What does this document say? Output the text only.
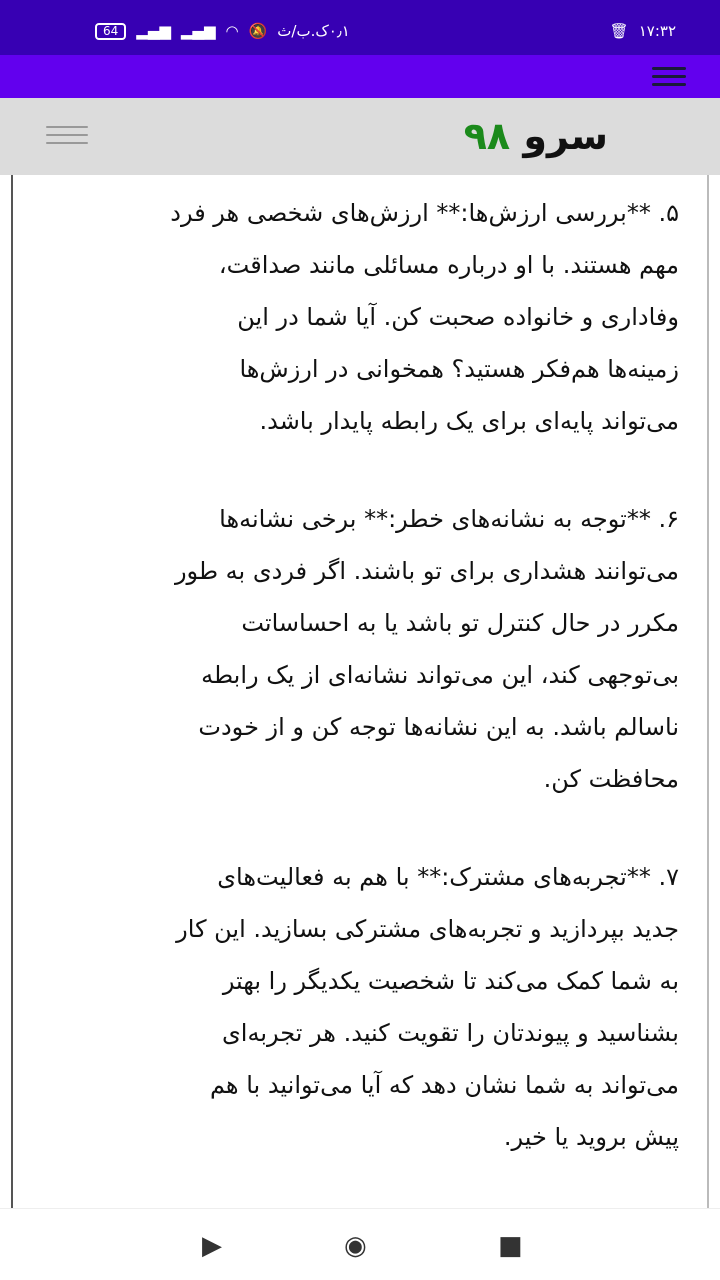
64	▂▄▆ ▂▄▆ ◠ 🔕 ۰٫۱ک.ب/ث	🗑 ۱۷:۳۲
سرو ۹۸
۵. **بررسی ارزش‌ها:** ارزش‌های شخصی هر فرد
مهم هستند. با او درباره مسائلی مانند صداقت،
وفاداری و خانواده صحبت کن. آیا شما در این
زمینه‌ها هم‌فکر هستید؟ همخوانی در ارزش‌ها
می‌تواند پایه‌ای برای یک رابطه پایدار باشد.
۶. **توجه به نشانه‌های خطر:** برخی نشانه‌ها
می‌توانند هشداری برای تو باشند. اگر فردی به طور
مکرر در حال کنترل تو باشد یا به احساساتت
بی‌توجهی کند، این می‌تواند نشانه‌ای از یک رابطه
ناسالم باشد. به این نشانه‌ها توجه کن و از خودت
محافظت کن.
۷. **تجربه‌های مشترک:** با هم به فعالیت‌های
جدید بپردازید و تجربه‌های مشترکی بسازید. این کار
به شما کمک می‌کند تا شخصیت یکدیگر را بهتر
بشناسید و پیوندتان را تقویت کنید. هر تجربه‌ای
می‌تواند به شما نشان دهد که آیا می‌توانید با هم
پیش بروید یا خیر.
▶	◉	■
